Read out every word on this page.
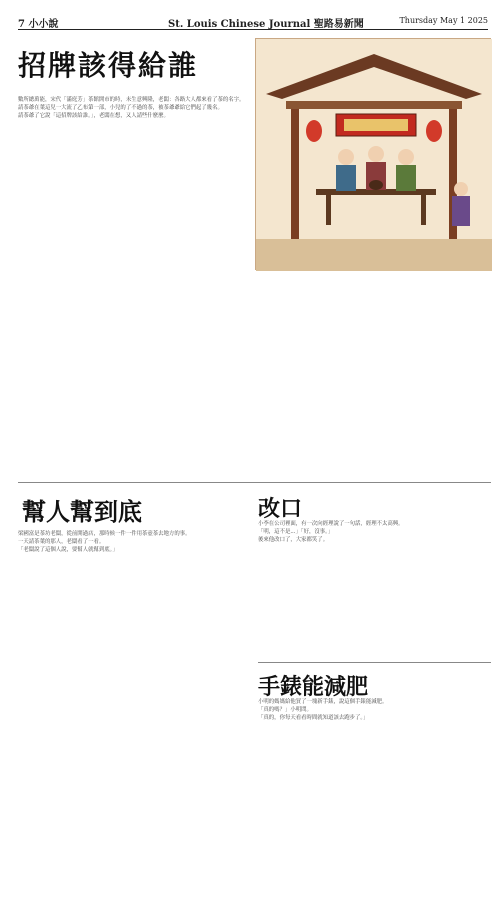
7 小小說	St. Louis Chinese Journal 聖路易新聞	Thursday May 1 2025
招牌該得給誰
數所總萬能，宋代「滿庭芳」茶館開市的時，未生意興隆，老闆：各路大人都來看了茶的名字。
請茶爺在葉這兒一大流了乙布第一部，小兒的了不過的茶，被茶爺爺給它們起了幾名。
請茶爺了它說「這招牌該給誰。」，老闆在想，又人請些什麼麼。
幫人幫到底
梁國富是茶坊老闆，從前開過店，那時候一件一件用茶壺茶去地方的事。
一天請茶葉的那人，老闆看了一看。
「老闆說了這個人說，要幫人就幫到底。」
改口
小李在公司裡面，有一次向經理說了一句話，經理不太高興。
「明，這不是...」「好，沒事。」
後來他改口了，大家都笑了。
手錶能減肥
小明的媽媽給他買了一塊新手錶，說這個手錶能減肥。
「真的嗎？」小明問。
「真的，你每天看看時間就知道該去跑步了。」
